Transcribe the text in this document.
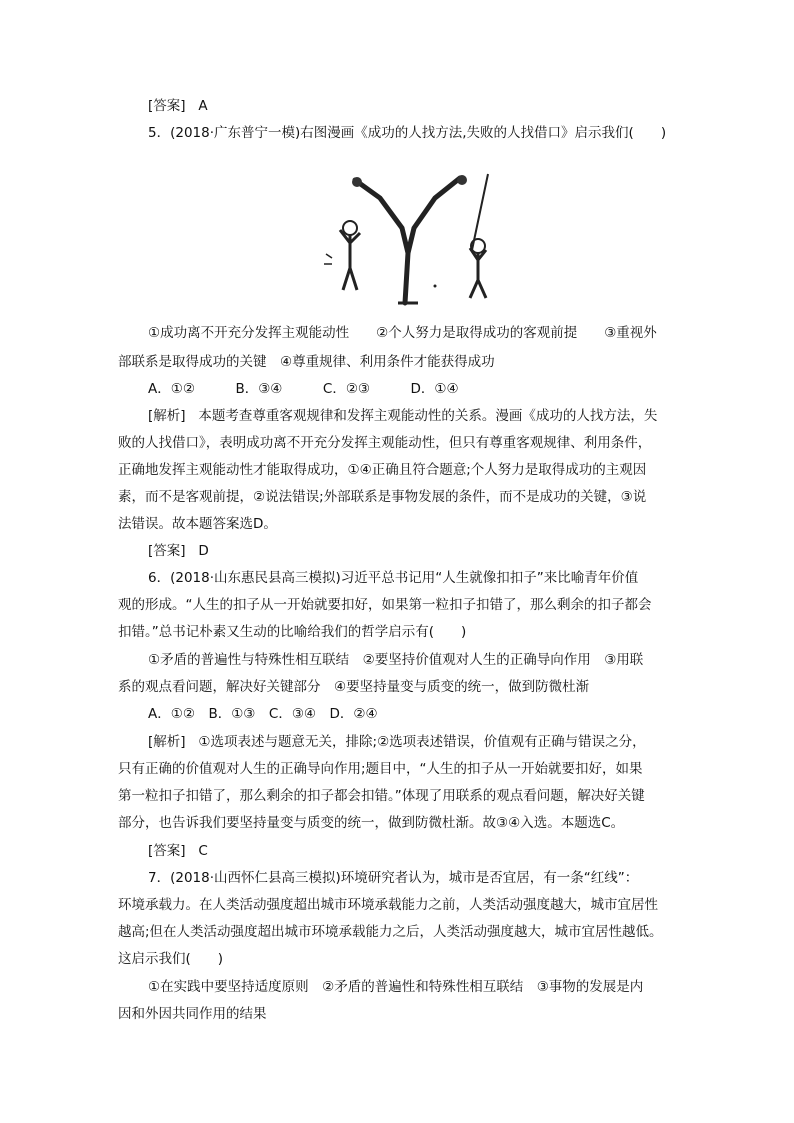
[答案] A
5．(2018·广东普宁一模)右图漫画《成功的人找方法,失败的人找借口》启示我们(　　)
①成功离不开充分发挥主观能动性　　②个人努力是取得成功的客观前提　　③重视外
部联系是取得成功的关键　④尊重规律、利用条件才能获得成功
A．①②　　　B．③④　　　C．②③　　　D．①④
[解析] 本题考查尊重客观规律和发挥主观能动性的关系。漫画《成功的人找方法，失
败的人找借口》，表明成功离不开充分发挥主观能动性，但只有尊重客观规律、利用条件，
正确地发挥主观能动性才能取得成功，①④正确且符合题意;个人努力是取得成功的主观因
素，而不是客观前提，②说法错误;外部联系是事物发展的条件，而不是成功的关键，③说
法错误。故本题答案选D。
[答案] D
6．(2018·山东惠民县高三模拟)习近平总书记用“人生就像扣扣子”来比喻青年价值
观的形成。“人生的扣子从一开始就要扣好，如果第一粒扣子扣错了，那么剩余的扣子都会
扣错。”总书记朴素又生动的比喻给我们的哲学启示有(　　)
①矛盾的普遍性与特殊性相互联结　②要坚持价值观对人生的正确导向作用　③用联
系的观点看问题，解决好关键部分　④要坚持量变与质变的统一，做到防微杜渐
A．①②　B．①③　C．③④　D．②④
[解析] ①选项表述与题意无关，排除;②选项表述错误，价值观有正确与错误之分，
只有正确的价值观对人生的正确导向作用;题目中，“人生的扣子从一开始就要扣好，如果
第一粒扣子扣错了，那么剩余的扣子都会扣错。”体现了用联系的观点看问题，解决好关键
部分，也告诉我们要坚持量变与质变的统一，做到防微杜渐。故③④入选。本题选C。
[答案] C
7．(2018·山西怀仁县高三模拟)环境研究者认为，城市是否宜居，有一条“红线”：
环境承载力。在人类活动强度超出城市环境承载能力之前，人类活动强度越大，城市宜居性
越高;但在人类活动强度超出城市环境承载能力之后，人类活动强度越大，城市宜居性越低。
这启示我们(　　)
①在实践中要坚持适度原则　②矛盾的普遍性和特殊性相互联结　③事物的发展是内
因和外因共同作用的结果
